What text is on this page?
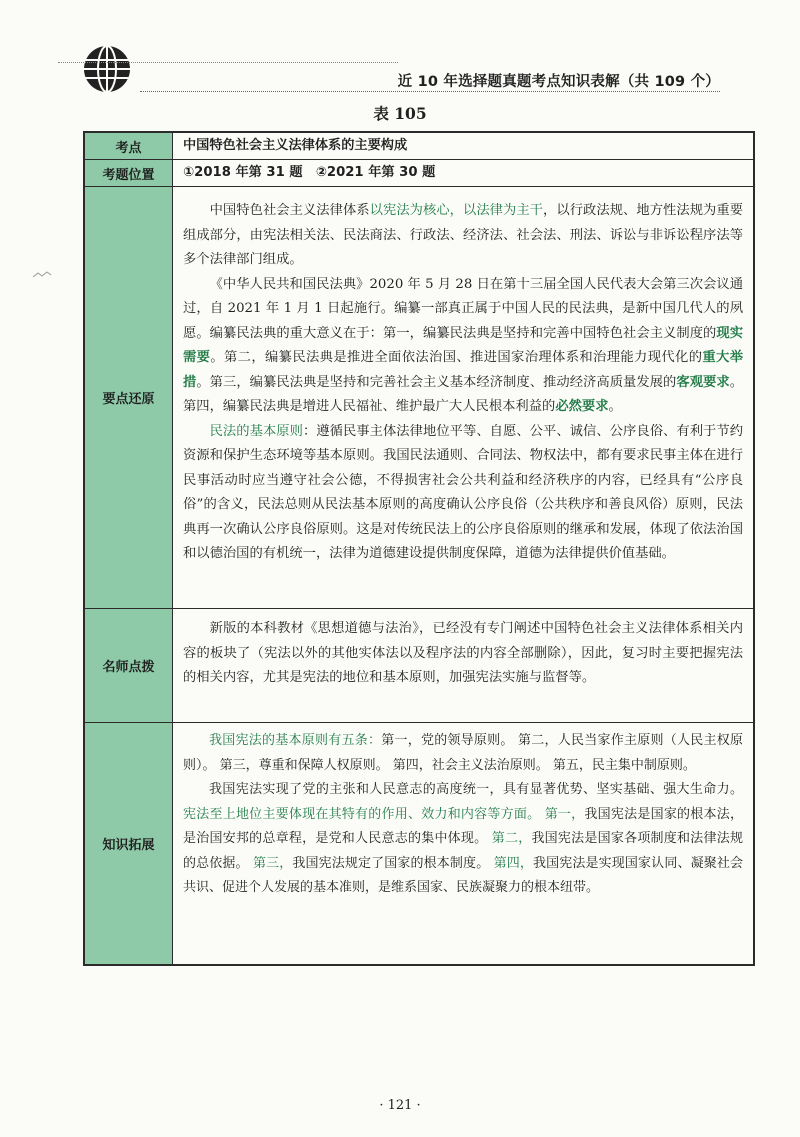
近 10 年选择题真题考点知识表解（共 109 个）
表 105
考点	中国特色社会主义法律体系的主要构成
考题位置	①2018 年第 31 题　②2021 年第 30 题
要点还原

中国特色社会主义法律体系以宪法为核心，以法律为主干，以行政法规、地方性法规为重要组成部分，由宪法相关法、民法商法、行政法、经济法、社会法、刑法、诉讼与非诉讼程序法等多个法律部门组成。

《中华人民共和国民法典》2020 年 5 月 28 日在第十三届全国人民代表大会第三次会议通过，自 2021 年 1 月 1 日起施行。编纂一部真正属于中国人民的民法典，是新中国几代人的夙愿。编纂民法典的重大意义在于：第一，编纂民法典是坚持和完善中国特色社会主义制度的现实需要。第二，编纂民法典是推进全面依法治国、推进国家治理体系和治理能力现代化的重大举措。第三，编纂民法典是坚持和完善社会主义基本经济制度、推动经济高质量发展的客观要求。第四，编纂民法典是增进人民福祉、维护最广大人民根本利益的必然要求。

民法的基本原则：遵循民事主体法律地位平等、自愿、公平、诚信、公序良俗、有利于节约资源和保护生态环境等基本原则。我国民法通则、合同法、物权法中，都有要求民事主体在进行民事活动时应当遵守社会公德，不得损害社会公共利益和经济秩序的内容，已经具有“公序良俗”的含义，民法总则从民法基本原则的高度确认公序良俗（公共秩序和善良风俗）原则，民法典再一次确认公序良俗原则。这是对传统民法上的公序良俗原则的继承和发展，体现了依法治国和以德治国的有机统一，法律为道德建设提供制度保障，道德为法律提供价值基础。

名师点拨

新版的本科教材《思想道德与法治》，已经没有专门阐述中国特色社会主义法律体系相关内容的板块了（宪法以外的其他实体法以及程序法的内容全部删除），因此，复习时主要把握宪法的相关内容，尤其是宪法的地位和基本原则，加强宪法实施与监督等。

知识拓展

我国宪法的基本原则有五条：第一，党的领导原则。 第二，人民当家作主原则（人民主权原则）。 第三，尊重和保障人权原则。 第四，社会主义法治原则。 第五，民主集中制原则。

我国宪法实现了党的主张和人民意志的高度统一，具有显著优势、坚实基础、强大生命力。 宪法至上地位主要体现在其特有的作用、效力和内容等方面。 第一，我国宪法是国家的根本法，是治国安邦的总章程，是党和人民意志的集中体现。 第二，我国宪法是国家各项制度和法律法规的总依据。 第三，我国宪法规定了国家的根本制度。 第四，我国宪法是实现国家认同、凝聚社会共识、促进个人发展的基本准则，是维系国家、民族凝聚力的根本纽带。

· 121 ·
